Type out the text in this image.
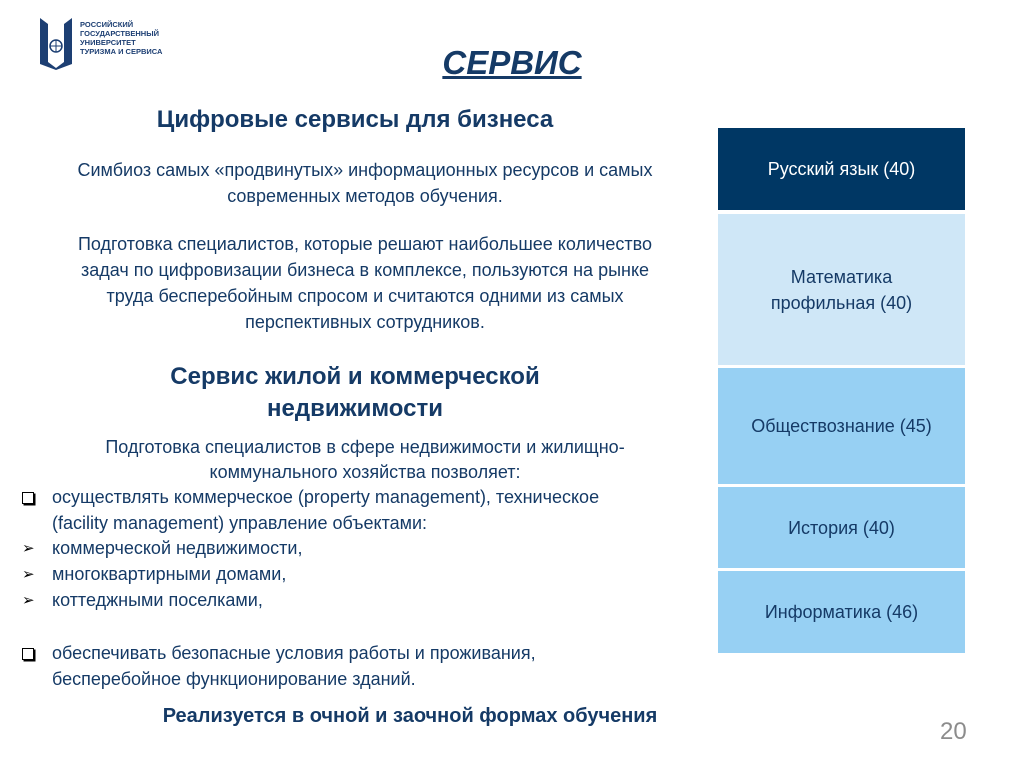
РОССИЙСКИЙ
ГОСУДАРСТВЕННЫЙ
УНИВЕРСИТЕТ
ТУРИЗМА И СЕРВИСА	СЕРВИС
Цифровые сервисы для бизнеса
Симбиоз самых «продвинутых» информационных ресурсов и самых
современных методов обучения.
Подготовка специалистов, которые решают наибольшее количество
задач по цифровизации бизнеса в комплексе, пользуются на рынке
труда бесперебойным спросом и считаются одними из самых
перспективных сотрудников.
Сервис жилой и коммерческой
недвижимости
Подготовка специалистов в сфере недвижимости и жилищно-
коммунального хозяйства позволяет:
осуществлять коммерческое (property management), техническое
(facility management) управление объектами:
➢ коммерческой недвижимости,
➢ многоквартирными домами,
➢ коттеджными поселками,
обеспечивать безопасные условия работы и проживания,
бесперебойное функционирование зданий.
Реализуется в очной и заочной формах обучения
Русский язык (40)
Математика
профильная (40)
Обществознание (45)
История (40)
Информатика (46)
20
